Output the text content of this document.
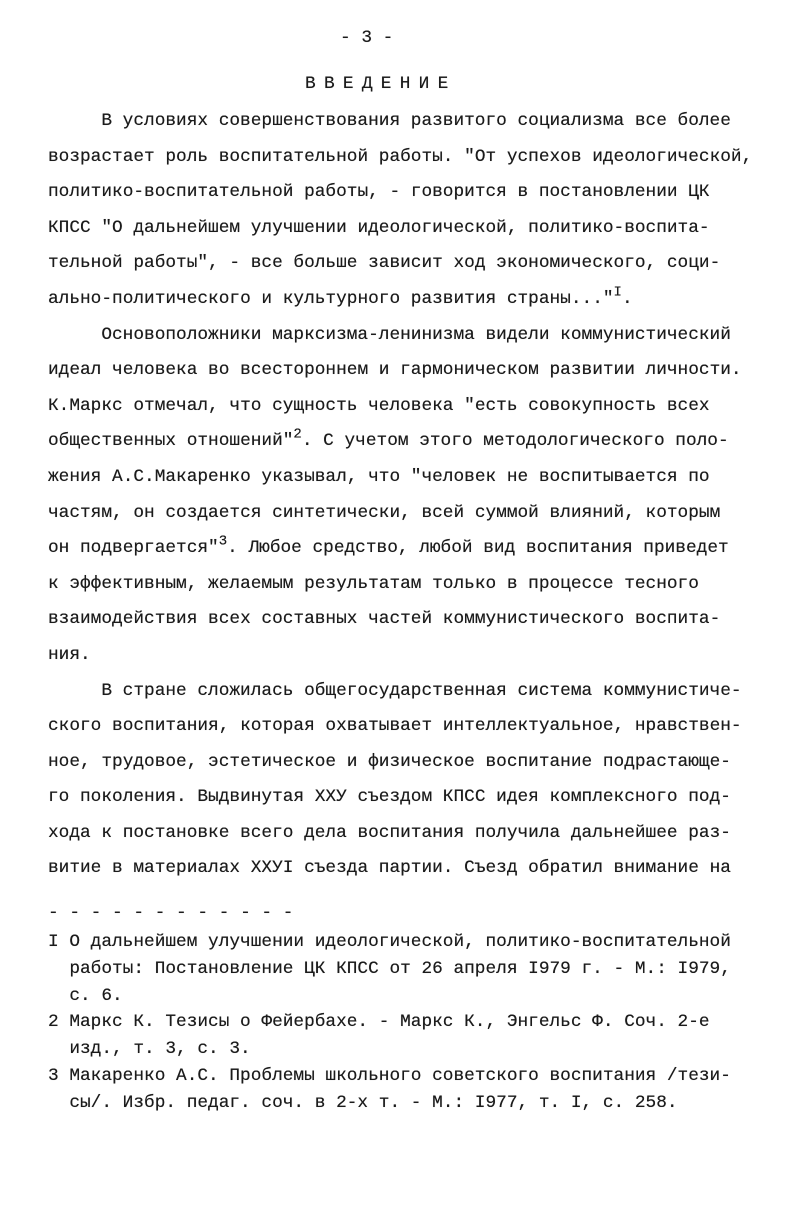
- 3 -
В В Е Д Е Н И Е
В условиях совершенствования развитого социализма все более
возрастает роль воспитательной работы. "От успехов идеологической,
политико-воспитательной работы, - говорится в постановлении ЦК
КПСС "О дальнейшем улучшении идеологической, политико-воспита-
тельной работы", - все больше зависит ход экономического, соци-
ально-политического и культурного развития страны..."$^I$.
Основоположники марксизма-ленинизма видели коммунистический
идеал человека во всестороннем и гармоническом развитии личности.
К.Маркс отмечал, что сущность человека "есть совокупность всех
общественных отношений"$^2$. С учетом этого методологического поло-
жения А.С.Макаренко указывал, что "человек не воспитывается по
частям, он создается синтетически, всей суммой влияний, которым
он подвергается"$^3$. Любое средство, любой вид воспитания приведет
к эффективным, желаемым результатам только в процессе тесного
взаимодействия всех составных частей коммунистического воспита-
ния.
В стране сложилась общегосударственная система коммунистиче-
ского воспитания, которая охватывает интеллектуальное, нравствен-
ное, трудовое, эстетическое и физическое воспитание подрастающе-
го поколения. Выдвинутая ХХУ съездом КПСС идея комплексного под-
хода к постановке всего дела воспитания получила дальнейшее раз-
витие в материалах ХХУI съезда партии. Съезд обратил внимание на
- - - - - - - - - - - -
I О дальнейшем улучшении идеологической, политико-воспитательной
работы: Постановление ЦК КПСС от 26 апреля I979 г. - М.: I979,
с. 6.
2 Маркс К. Тезисы о Фейербахе. - Маркс К., Энгельс Ф. Соч. 2-е
изд., т. 3, с. 3.
3 Макаренко А.С. Проблемы школьного советского воспитания /тези-
сы/. Избр. педаг. соч. в 2-х т. - М.: I977, т. I, с. 258.
